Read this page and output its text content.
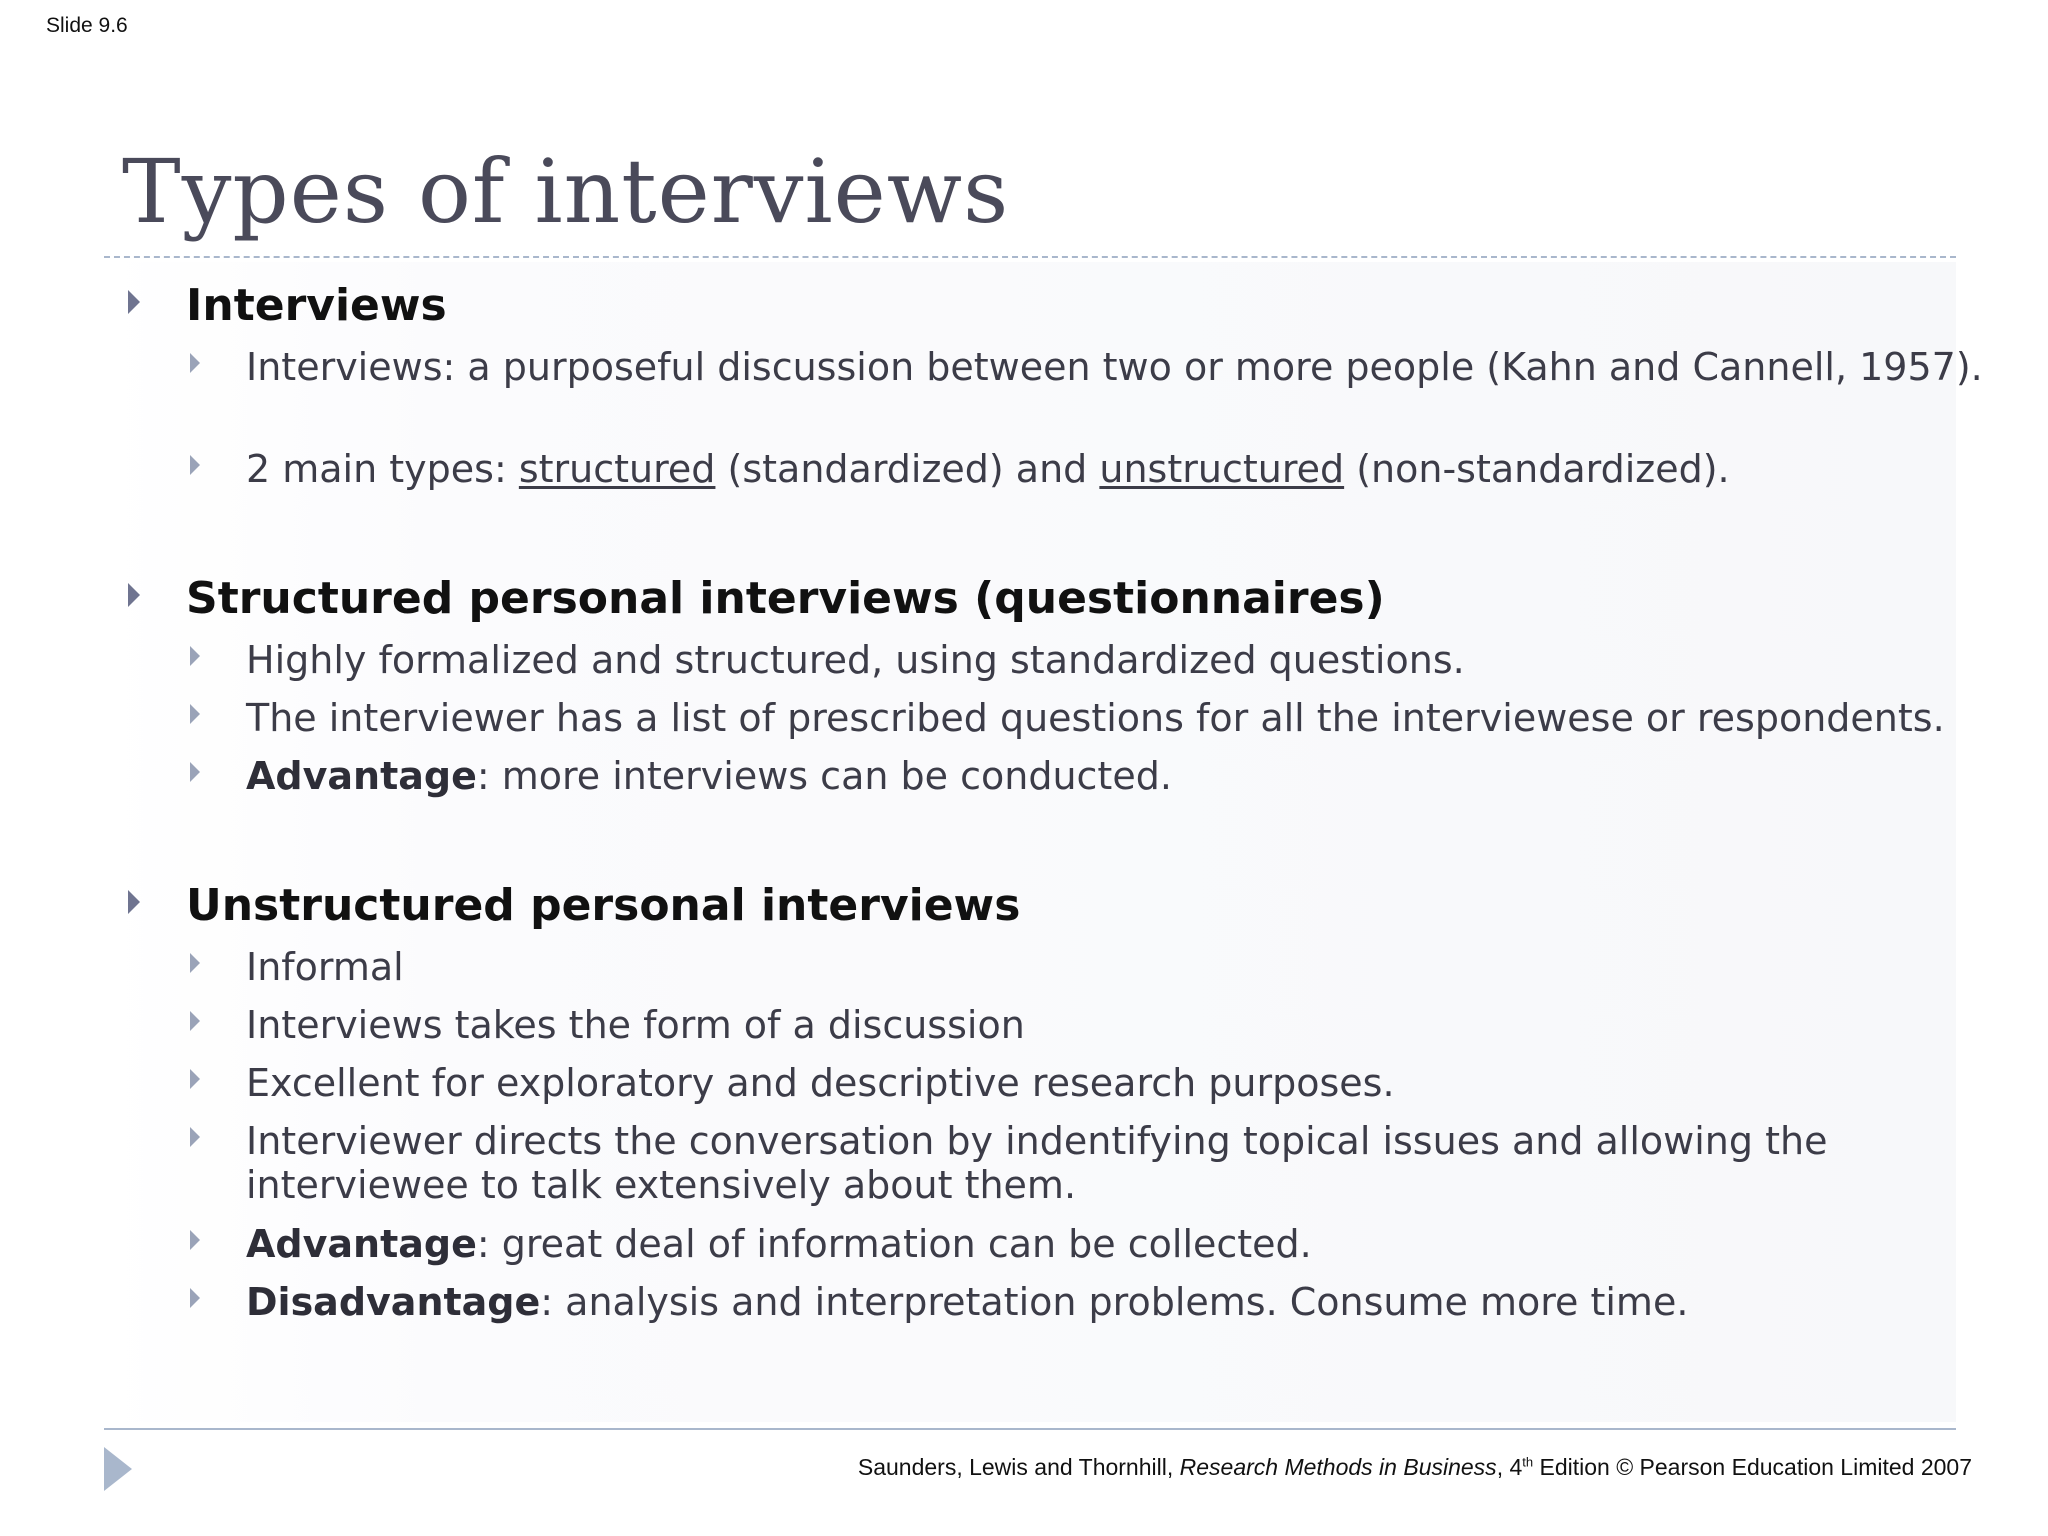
Slide 9.6
Types of interviews
Interviews
Interviews: a purposeful discussion between two or more people (Kahn and Cannell, 1957).
2 main types: structured (standardized) and unstructured (non-standardized).
Structured personal interviews (questionnaires)
Highly formalized and structured, using standardized questions.
The interviewer has a list of prescribed questions for all the interviewese or respondents.
Advantage: more interviews can be conducted.
Unstructured personal interviews
Informal
Interviews takes the form of a discussion
Excellent for exploratory and descriptive research purposes.
Interviewer directs the conversation by indentifying topical issues and allowing the
interviewee to talk extensively about them.
Advantage: great deal of information can be collected.
Disadvantage: analysis and interpretation problems. Consume more time.
Saunders, Lewis and Thornhill, Research Methods in Business, 4th Edition © Pearson Education Limited 2007
